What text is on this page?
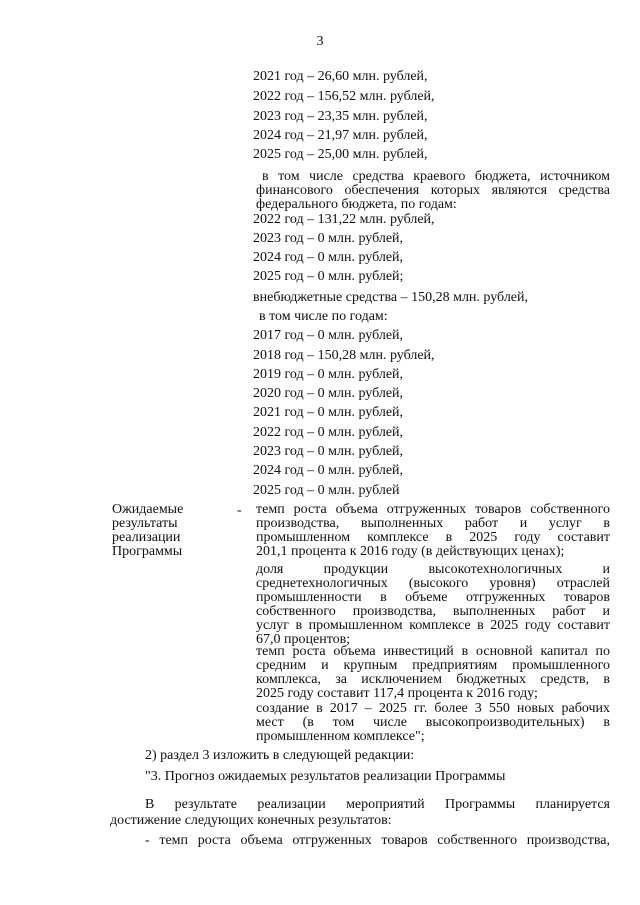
3
2021 год – 26,60 млн. рублей,
2022 год – 156,52 млн. рублей,
2023 год – 23,35 млн. рублей,
2024 год – 21,97 млн. рублей,
2025 год – 25,00 млн. рублей,
в том числе средства краевого бюджета, источником
финансового обеспечения которых являются средства
федерального бюджета, по годам:
2022 год – 131,22 млн. рублей,
2023 год – 0 млн. рублей,
2024 год – 0 млн. рублей,
2025 год – 0 млн. рублей;
внебюджетные средства – 150,28 млн. рублей,
в том числе по годам:
2017 год – 0 млн. рублей,
2018 год – 150,28 млн. рублей,
2019 год – 0 млн. рублей,
2020 год – 0 млн. рублей,
2021 год – 0 млн. рублей,
2022 год – 0 млн. рублей,
2023 год – 0 млн. рублей,
2024 год – 0 млн. рублей,
2025 год – 0 млн. рублей
Ожидаемые
результаты
реализации
Программы
- темп роста объема отгруженных товаров собственного
производства, выполненных работ и услуг в
промышленном комплексе в 2025 году составит
201,1 процента к 2016 году (в действующих ценах);
доля продукции высокотехнологичных и
среднетехнологичных (высокого уровня) отраслей
промышленности в объеме отгруженных товаров
собственного производства, выполненных работ и
услуг в промышленном комплексе в 2025 году составит
67,0 процентов;
темп роста объема инвестиций в основной капитал по
средним и крупным предприятиям промышленного
комплекса, за исключением бюджетных средств, в
2025 году составит 117,4 процента к 2016 году;
создание в 2017 – 2025 гг. более 3 550 новых рабочих
мест (в том числе высокопроизводительных) в
промышленном комплексе";
2) раздел 3 изложить в следующей редакции:
"3. Прогноз ожидаемых результатов реализации Программы
В результате реализации мероприятий Программы планируется
достижение следующих конечных результатов:
- темп роста объема отгруженных товаров собственного производства,
